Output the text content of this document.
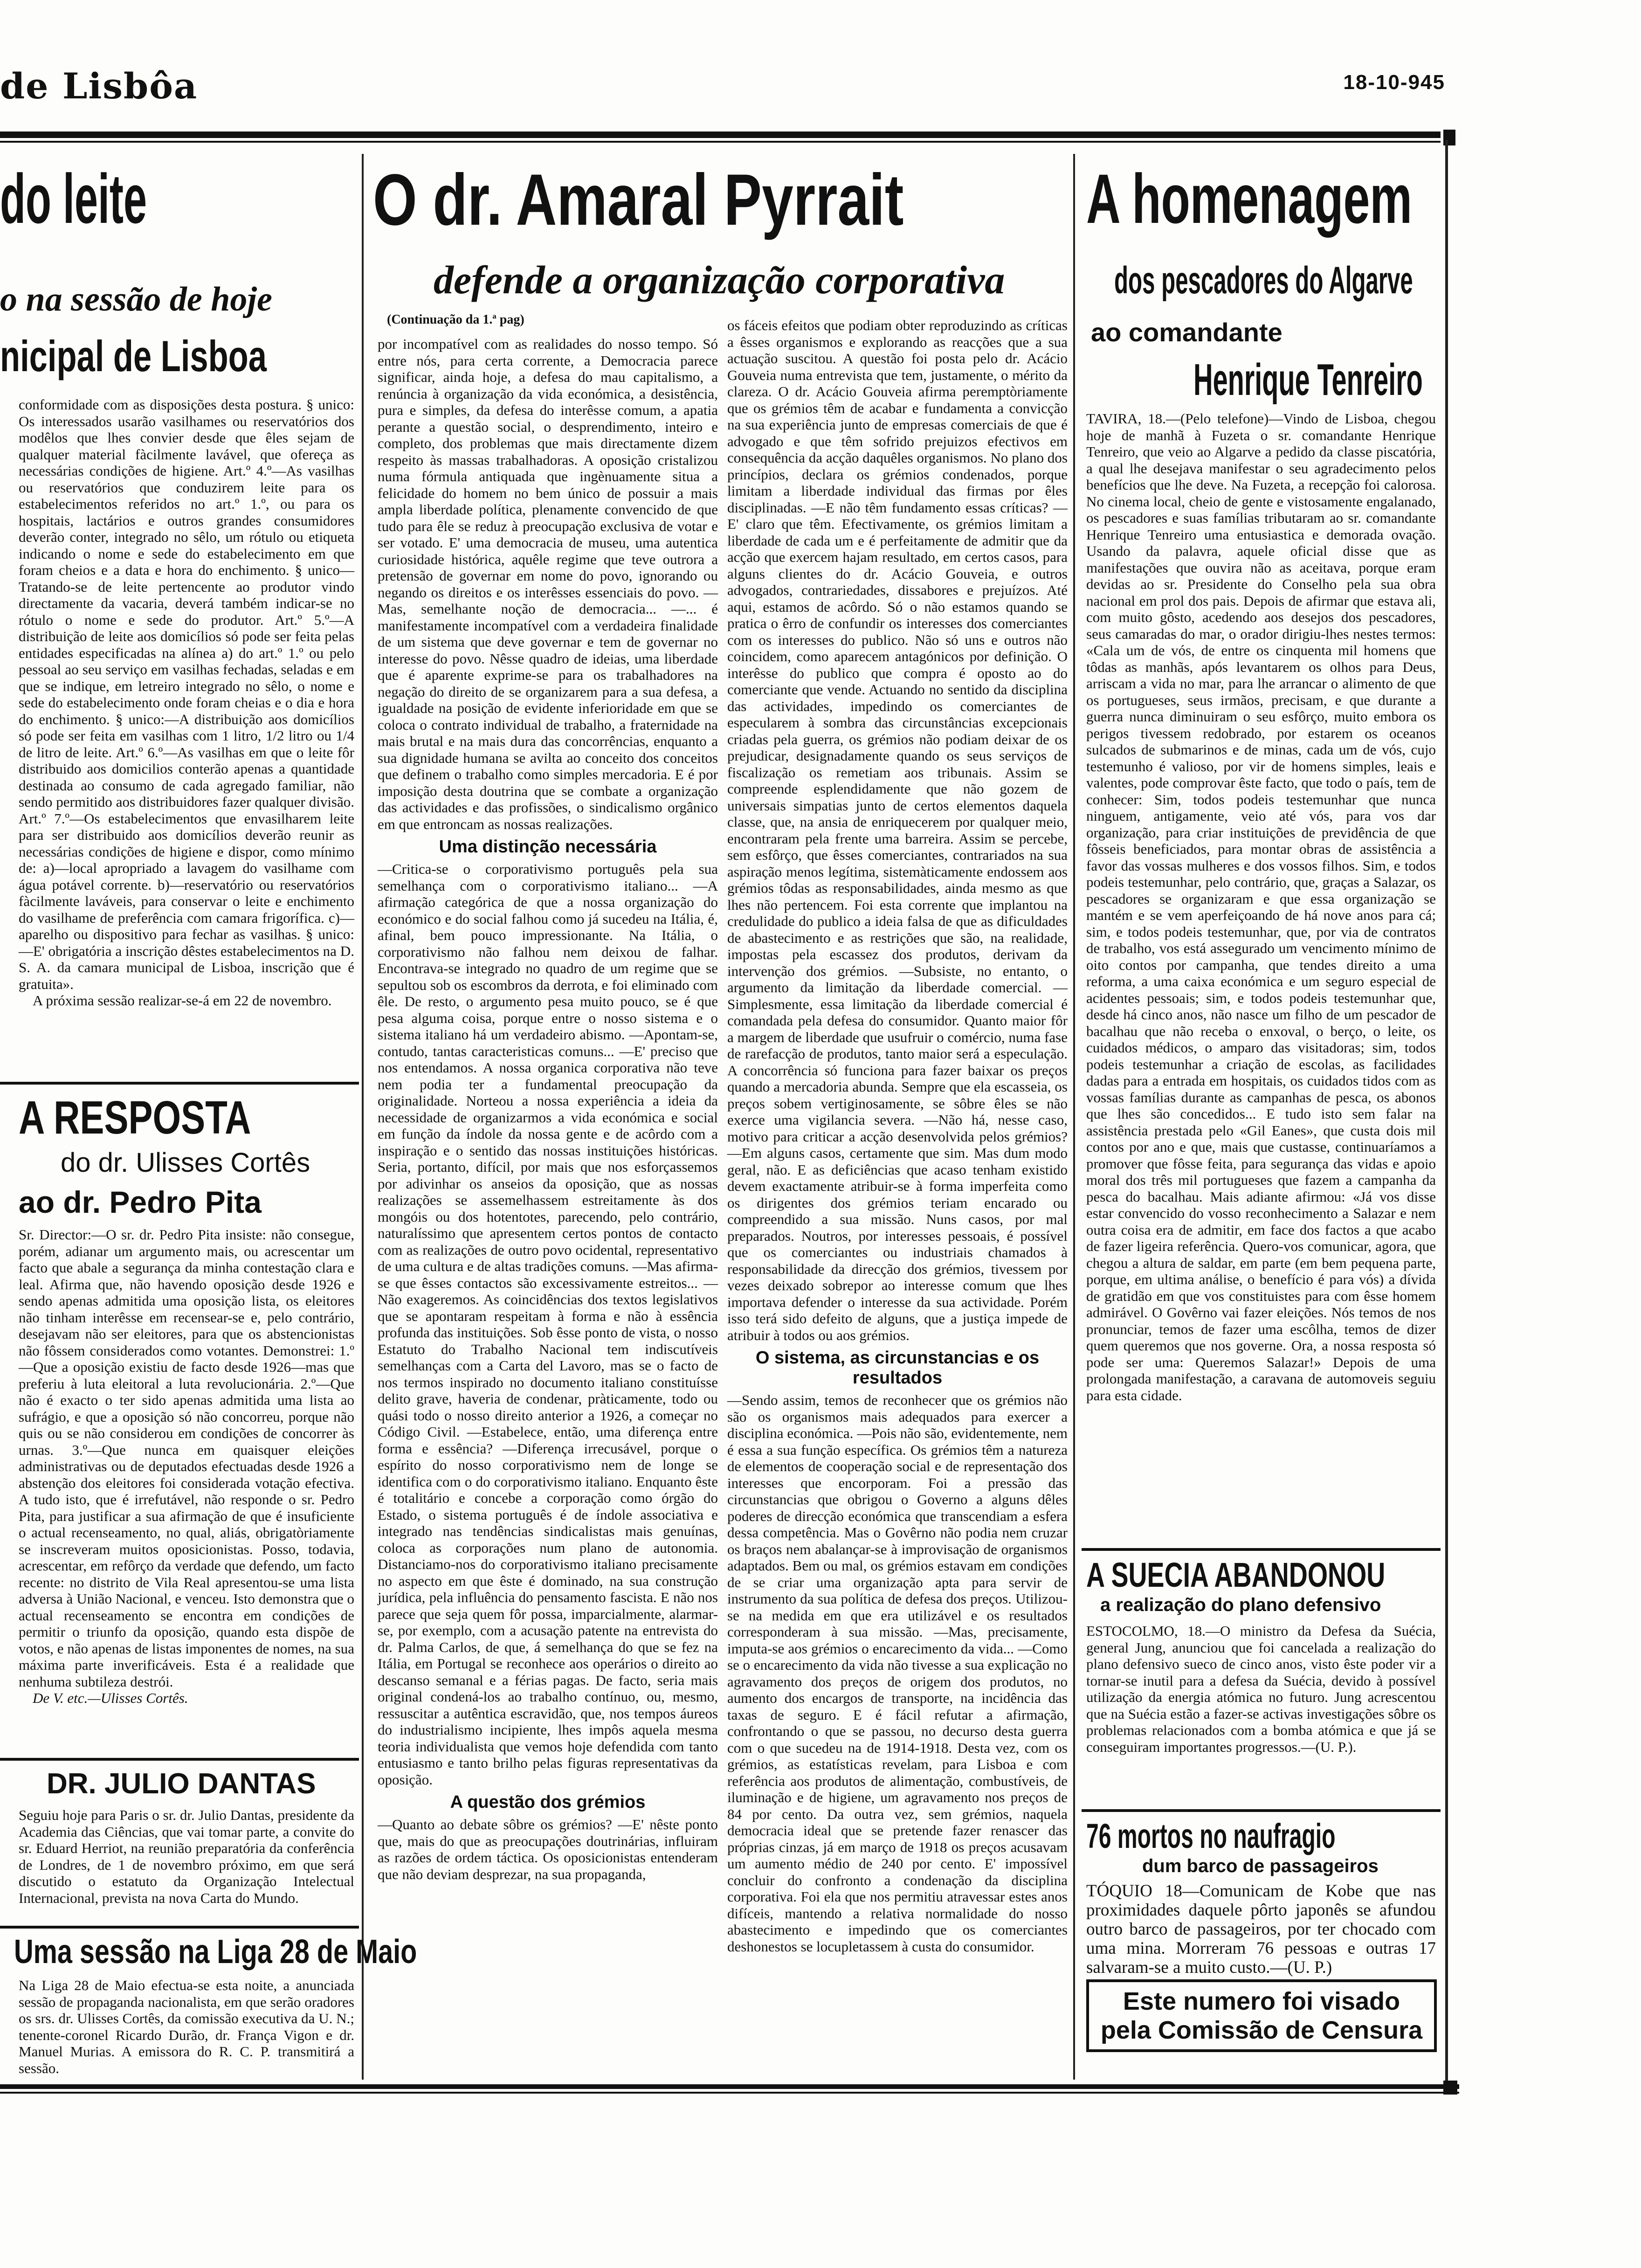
de Lisbôa	18-10-945
do leite
o na sessão de hoje
nicipal de Lisboa
conformidade com as disposições desta postura. § unico: Os interessados usarão vasilhames ou reservatórios dos modêlos que lhes convier desde que êles sejam de qualquer material fàcilmente lavável, que ofereça as necessárias condições de higiene. Art.º 4.º—As vasilhas ou reservatórios que conduzirem leite para os estabelecimentos referidos no art.º 1.º, ou para os hospitais, lactários e outros grandes consumidores deverão conter, integrado no sêlo, um rótulo ou etiqueta indicando o nome e sede do estabelecimento em que foram cheios e a data e hora do enchimento. § unico—Tratando-se de leite pertencente ao produtor vindo directamente da vacaria, deverá também indicar-se no rótulo o nome e sede do produtor. Art.º 5.º—A distribuição de leite aos domicílios só pode ser feita pelas entidades especificadas na alínea a) do art.º 1.º ou pelo pessoal ao seu serviço em vasilhas fechadas, seladas e em que se indique, em letreiro integrado no sêlo, o nome e sede do estabelecimento onde foram cheias e o dia e hora do enchimento. § unico:—A distribuição aos domicílios só pode ser feita em vasilhas com 1 litro, 1/2 litro ou 1/4 de litro de leite. Art.º 6.º—As vasilhas em que o leite fôr distribuido aos domicilios conterão apenas a quantidade destinada ao consumo de cada agregado familiar, não sendo permitido aos distribuidores fazer qualquer divisão. Art.º 7.º—Os estabelecimentos que envasilharem leite para ser distribuido aos domicílios deverão reunir as necessárias condições de higiene e dispor, como mínimo de: a)—local apropriado a lavagem do vasilhame com água potável corrente. b)—reservatório ou reservatórios fàcilmente laváveis, para conservar o leite e enchimento do vasilhame de preferência com camara frigorífica. c)—aparelho ou dispositivo para fechar as vasilhas. § unico:—E' obrigatória a inscrição dêstes estabelecimentos na D. S. A. da camara municipal de Lisboa, inscrição que é gratuita».
A próxima sessão realizar-se-á em 22 de novembro.
A RESPOSTA
do dr. Ulisses Cortês
ao dr. Pedro Pita
Sr. Director:—O sr. dr. Pedro Pita insiste: não consegue, porém, adianar um argumento mais, ou acrescentar um facto que abale a segurança da minha contestação clara e leal. Afirma que, não havendo oposição desde 1926 e sendo apenas admitida uma oposição lista, os eleitores não tinham interêsse em recensear-se e, pelo contrário, desejavam não ser eleitores, para que os abstencionistas não fôssem considerados como votantes. Demonstrei: 1.º—Que a oposição existiu de facto desde 1926—mas que preferiu à luta eleitoral a luta revolucionária. 2.º—Que não é exacto o ter sido apenas admitida uma lista ao sufrágio, e que a oposição só não concorreu, porque não quis ou se não considerou em condições de concorrer às urnas. 3.º—Que nunca em quaisquer eleições administrativas ou de deputados efectuadas desde 1926 a abstenção dos eleitores foi considerada votação efectiva. A tudo isto, que é irrefutável, não responde o sr. Pedro Pita, para justificar a sua afirmação de que é insuficiente o actual recenseamento, no qual, aliás, obrigatòriamente se inscreveram muitos oposicionistas. Posso, todavia, acrescentar, em refôrço da verdade que defendo, um facto recente: no distrito de Vila Real apresentou-se uma lista adversa à União Nacional, e venceu. Isto demonstra que o actual recenseamento se encontra em condições de permitir o triunfo da oposição, quando esta dispõe de votos, e não apenas de listas imponentes de nomes, na sua máxima parte inverificáveis. Esta é a realidade que nenhuma subtileza destrói.
De V. etc.—Ulisses Cortês.
DR. JULIO DANTAS
Seguiu hoje para Paris o sr. dr. Julio Dantas, presidente da Academia das Ciências, que vai tomar parte, a convite do sr. Eduard Herriot, na reunião preparatória da conferência de Londres, de 1 de novembro próximo, em que será discutido o estatuto da Organização Intelectual Internacional, prevista na nova Carta do Mundo.
Uma sessão na Liga 28 de Maio
Na Liga 28 de Maio efectua-se esta noite, a anunciada sessão de propaganda nacionalista, em que serão oradores os srs. dr. Ulisses Cortês, da comissão executiva da U. N.; tenente-coronel Ricardo Durão, dr. França Vigon e dr. Manuel Murias. A emissora do R. C. P. transmitirá a sessão.
O dr. Amaral Pyrrait
defende a organização corporativa
(Continuação da 1.ª pag)
por incompatível com as realidades do nosso tempo. Só entre nós, para certa corrente, a Democracia parece significar, ainda hoje, a defesa do mau capitalismo, a renúncia à organização da vida económica, a desistência, pura e simples, da defesa do interêsse comum, a apatia perante a questão social, o desprendimento, inteiro e completo, dos problemas que mais directamente dizem respeito às massas trabalhadoras. A oposição cristalizou numa fórmula antiquada que ingènuamente situa a felicidade do homem no bem único de possuir a mais ampla liberdade política, plenamente convencido de que tudo para êle se reduz à preocupação exclusiva de votar e ser votado. E' uma democracia de museu, uma autentica curiosidade histórica, aquêle regime que teve outrora a pretensão de governar em nome do povo, ignorando ou negando os direitos e os interêsses essenciais do povo. —Mas, semelhante noção de democracia... —... é manifestamente incompatível com a verdadeira finalidade de um sistema que deve governar e tem de governar no interesse do povo. Nêsse quadro de ideias, uma liberdade que é aparente exprime-se para os trabalhadores na negação do direito de se organizarem para a sua defesa, a igualdade na posição de evidente inferioridade em que se coloca o contrato individual de trabalho, a fraternidade na mais brutal e na mais dura das concorrências, enquanto a sua dignidade humana se avilta ao conceito dos conceitos que definem o trabalho como simples mercadoria. E é por imposição desta doutrina que se combate a organização das actividades e das profissões, o sindicalismo orgânico em que entroncam as nossas realizações.
Uma distinção necessária
—Critica-se o corporativismo português pela sua semelhança com o corporativismo italiano... —A afirmação categórica de que a nossa organização do económico e do social falhou como já sucedeu na Itália, é, afinal, bem pouco impressionante. Na Itália, o corporativismo não falhou nem deixou de falhar. Encontrava-se integrado no quadro de um regime que se sepultou sob os escombros da derrota, e foi eliminado com êle. De resto, o argumento pesa muito pouco, se é que pesa alguma coisa, porque entre o nosso sistema e o sistema italiano há um verdadeiro abismo. —Apontam-se, contudo, tantas caracteristicas comuns... —E' preciso que nos entendamos. A nossa organica corporativa não teve nem podia ter a fundamental preocupação da originalidade. Norteou a nossa experiência a ideia da necessidade de organizarmos a vida económica e social em função da índole da nossa gente e de acôrdo com a inspiração e o sentido das nossas instituições históricas. Seria, portanto, difícil, por mais que nos esforçassemos por adivinhar os anseios da oposição, que as nossas realizações se assemelhassem estreitamente às dos mongóis ou dos hotentotes, parecendo, pelo contrário, naturalíssimo que apresentem certos pontos de contacto com as realizações de outro povo ocidental, representativo de uma cultura e de altas tradições comuns. —Mas afirma-se que êsses contactos são excessivamente estreitos... —Não exageremos. As coincidências dos textos legislativos que se apontaram respeitam à forma e não à essência profunda das instituições. Sob êsse ponto de vista, o nosso Estatuto do Trabalho Nacional tem indiscutíveis semelhanças com a Carta del Lavoro, mas se o facto de nos termos inspirado no documento italiano constituísse delito grave, haveria de condenar, pràticamente, todo ou quási todo o nosso direito anterior a 1926, a começar no Código Civil. —Estabelece, então, uma diferença entre forma e essência? —Diferença irrecusável, porque o espírito do nosso corporativismo nem de longe se identifica com o do corporativismo italiano. Enquanto êste é totalitário e concebe a corporação como órgão do Estado, o sistema português é de índole associativa e integrado nas tendências sindicalistas mais genuínas, coloca as corporações num plano de autonomia. Distanciamo-nos do corporativismo italiano precisamente no aspecto em que êste é dominado, na sua construção jurídica, pela influência do pensamento fascista. E não nos parece que seja quem fôr possa, imparcialmente, alarmar-se, por exemplo, com a acusação patente na entrevista do dr. Palma Carlos, de que, á semelhança do que se fez na Itália, em Portugal se reconhece aos operários o direito ao descanso semanal e a férias pagas. De facto, seria mais original condená-los ao trabalho contínuo, ou, mesmo, ressuscitar a autêntica escravidão, que, nos tempos áureos do industrialismo incipiente, lhes impôs aquela mesma teoria individualista que vemos hoje defendida com tanto entusiasmo e tanto brilho pelas figuras representativas da oposição.
A questão dos grémios
—Quanto ao debate sôbre os grémios? —E' nêste ponto que, mais do que as preocupações doutrinárias, influiram as razões de ordem táctica. Os oposicionistas entenderam que não deviam desprezar, na sua propaganda,
os fáceis efeitos que podiam obter reproduzindo as críticas a êsses organismos e explorando as reacções que a sua actuação suscitou. A questão foi posta pelo dr. Acácio Gouveia numa entrevista que tem, justamente, o mérito da clareza. O dr. Acácio Gouveia afirma peremptòriamente que os grémios têm de acabar e fundamenta a convicção na sua experiência junto de empresas comerciais de que é advogado e que têm sofrido prejuizos efectivos em consequência da acção daquêles organismos. No plano dos princípios, declara os grémios condenados, porque limitam a liberdade individual das firmas por êles disciplinadas. —E não têm fundamento essas críticas? —E' claro que têm. Efectivamente, os grémios limitam a liberdade de cada um e é perfeitamente de admitir que da acção que exercem hajam resultado, em certos casos, para alguns clientes do dr. Acácio Gouveia, e outros advogados, contrariedades, dissabores e prejuízos. Até aqui, estamos de acôrdo. Só o não estamos quando se pratica o êrro de confundir os interesses dos comerciantes com os interesses do publico. Não só uns e outros não coincidem, como aparecem antagónicos por definição. O interêsse do publico que compra é oposto ao do comerciante que vende. Actuando no sentido da disciplina das actividades, impedindo os comerciantes de especularem à sombra das circunstâncias excepcionais criadas pela guerra, os grémios não podiam deixar de os prejudicar, designadamente quando os seus serviços de fiscalização os remetiam aos tribunais. Assim se compreende esplendidamente que não gozem de universais simpatias junto de certos elementos daquela classe, que, na ansia de enriquecerem por qualquer meio, encontraram pela frente uma barreira. Assim se percebe, sem esfôrço, que êsses comerciantes, contrariados na sua aspiração menos legítima, sistemàticamente endossem aos grémios tôdas as responsabilidades, ainda mesmo as que lhes não pertencem. Foi esta corrente que implantou na credulidade do publico a ideia falsa de que as dificuldades de abastecimento e as restrições que são, na realidade, impostas pela escassez dos produtos, derivam da intervenção dos grémios. —Subsiste, no entanto, o argumento da limitação da liberdade comercial. —Simplesmente, essa limitação da liberdade comercial é comandada pela defesa do consumidor. Quanto maior fôr a margem de liberdade que usufruir o comércio, numa fase de rarefacção de produtos, tanto maior será a especulação. A concorrência só funciona para fazer baixar os preços quando a mercadoria abunda. Sempre que ela escasseia, os preços sobem vertiginosamente, se sôbre êles se não exerce uma vigilancia severa. —Não há, nesse caso, motivo para criticar a acção desenvolvida pelos grémios? —Em alguns casos, certamente que sim. Mas dum modo geral, não. E as deficiências que acaso tenham existido devem exactamente atribuir-se à forma imperfeita como os dirigentes dos grémios teriam encarado ou compreendido a sua missão. Nuns casos, por mal preparados. Noutros, por interesses pessoais, é possível que os comerciantes ou industriais chamados à responsabilidade da direcção dos grémios, tivessem por vezes deixado sobrepor ao interesse comum que lhes importava defender o interesse da sua actividade. Porém isso terá sido defeito de alguns, que a justiça impede de atribuir à todos ou aos grémios.
O sistema, as circunstancias e os resultados
—Sendo assim, temos de reconhecer que os grémios não são os organismos mais adequados para exercer a disciplina económica. —Pois não são, evidentemente, nem é essa a sua função específica. Os grémios têm a natureza de elementos de cooperação social e de representação dos interesses que encorporam. Foi a pressão das circunstancias que obrigou o Governo a alguns dêles poderes de direcção económica que transcendiam a esfera dessa competência. Mas o Govêrno não podia nem cruzar os braços nem abalançar-se à improvisação de organismos adaptados. Bem ou mal, os grémios estavam em condições de se criar uma organização apta para servir de instrumento da sua política de defesa dos preços. Utilizou-se na medida em que era utilizável e os resultados corresponderam à sua missão. —Mas, precisamente, imputa-se aos grémios o encarecimento da vida... —Como se o encarecimento da vida não tivesse a sua explicação no agravamento dos preços de origem dos produtos, no aumento dos encargos de transporte, na incidência das taxas de seguro. E é fácil refutar a afirmação, confrontando o que se passou, no decurso desta guerra com o que sucedeu na de 1914-1918. Desta vez, com os grémios, as estatísticas revelam, para Lisboa e com referência aos produtos de alimentação, combustíveis, de iluminação e de higiene, um agravamento nos preços de 84 por cento. Da outra vez, sem grémios, naquela democracia ideal que se pretende fazer renascer das próprias cinzas, já em março de 1918 os preços acusavam um aumento médio de 240 por cento. E' impossível concluir do confronto a condenação da disciplina corporativa. Foi ela que nos permitiu atravessar estes anos difíceis, mantendo a relativa normalidade do nosso abastecimento e impedindo que os comerciantes deshonestos se locupletassem à custa do consumidor.
A homenagem
dos pescadores do Algarve
ao comandante
Henrique Tenreiro
TAVIRA, 18.—(Pelo telefone)—Vindo de Lisboa, chegou hoje de manhã à Fuzeta o sr. comandante Henrique Tenreiro, que veio ao Algarve a pedido da classe piscatória, a qual lhe desejava manifestar o seu agradecimento pelos benefícios que lhe deve. Na Fuzeta, a recepção foi calorosa. No cinema local, cheio de gente e vistosamente engalanado, os pescadores e suas famílias tributaram ao sr. comandante Henrique Tenreiro uma entusiastica e demorada ovação. Usando da palavra, aquele oficial disse que as manifestações que ouvira não as aceitava, porque eram devidas ao sr. Presidente do Conselho pela sua obra nacional em prol dos pais. Depois de afirmar que estava ali, com muito gôsto, acedendo aos desejos dos pescadores, seus camaradas do mar, o orador dirigiu-lhes nestes termos: «Cala um de vós, de entre os cinquenta mil homens que tôdas as manhãs, após levantarem os olhos para Deus, arriscam a vida no mar, para lhe arrancar o alimento de que os portugueses, seus irmãos, precisam, e que durante a guerra nunca diminuiram o seu esfôrço, muito embora os perigos tivessem redobrado, por estarem os oceanos sulcados de submarinos e de minas, cada um de vós, cujo testemunho é valioso, por vir de homens simples, leais e valentes, pode comprovar êste facto, que todo o país, tem de conhecer: Sim, todos podeis testemunhar que nunca ninguem, antigamente, veio até vós, para vos dar organização, para criar instituições de previdência de que fôsseis beneficiados, para montar obras de assistência a favor das vossas mulheres e dos vossos filhos. Sim, e todos podeis testemunhar, pelo contrário, que, graças a Salazar, os pescadores se organizaram e que essa organização se mantém e se vem aperfeiçoando de há nove anos para cá; sim, e todos podeis testemunhar, que, por via de contratos de trabalho, vos está assegurado um vencimento mínimo de oito contos por campanha, que tendes direito a uma reforma, a uma caixa económica e um seguro especial de acidentes pessoais; sim, e todos podeis testemunhar que, desde há cinco anos, não nasce um filho de um pescador de bacalhau que não receba o enxoval, o berço, o leite, os cuidados médicos, o amparo das visitadoras; sim, todos podeis testemunhar a criação de escolas, as facilidades dadas para a entrada em hospitais, os cuidados tidos com as vossas famílias durante as campanhas de pesca, os abonos que lhes são concedidos... E tudo isto sem falar na assistência prestada pelo «Gil Eanes», que custa dois mil contos por ano e que, mais que custasse, continuaríamos a promover que fôsse feita, para segurança das vidas e apoio moral dos três mil portugueses que fazem a campanha da pesca do bacalhau. Mais adiante afirmou: «Já vos disse estar convencido do vosso reconhecimento a Salazar e nem outra coisa era de admitir, em face dos factos a que acabo de fazer ligeira referência. Quero-vos comunicar, agora, que chegou a altura de saldar, em parte (em bem pequena parte, porque, em ultima análise, o benefício é para vós) a dívida de gratidão em que vos constituistes para com êsse homem admirável. O Govêrno vai fazer eleições. Nós temos de nos pronunciar, temos de fazer uma escôlha, temos de dizer quem queremos que nos governe. Ora, a nossa resposta só pode ser uma: Queremos Salazar!» Depois de uma prolongada manifestação, a caravana de automoveis seguiu para esta cidade.
A SUECIA ABANDONOU
a realização do plano defensivo
ESTOCOLMO, 18.—O ministro da Defesa da Suécia, general Jung, anunciou que foi cancelada a realização do plano defensivo sueco de cinco anos, visto êste poder vir a tornar-se inutil para a defesa da Suécia, devido à possível utilização da energia atómica no futuro. Jung acrescentou que na Suécia estão a fazer-se activas investigações sôbre os problemas relacionados com a bomba atómica e que já se conseguiram importantes progressos.—(U. P.).
76 mortos no naufragio
dum barco de passageiros
TÓQUIO 18—Comunicam de Kobe que nas proximidades daquele pôrto japonês se afundou outro barco de passageiros, por ter chocado com uma mina. Morreram 76 pessoas e outras 17 salvaram-se a muito custo.—(U. P.)
Este numero foi visado
pela Comissão de Censura
